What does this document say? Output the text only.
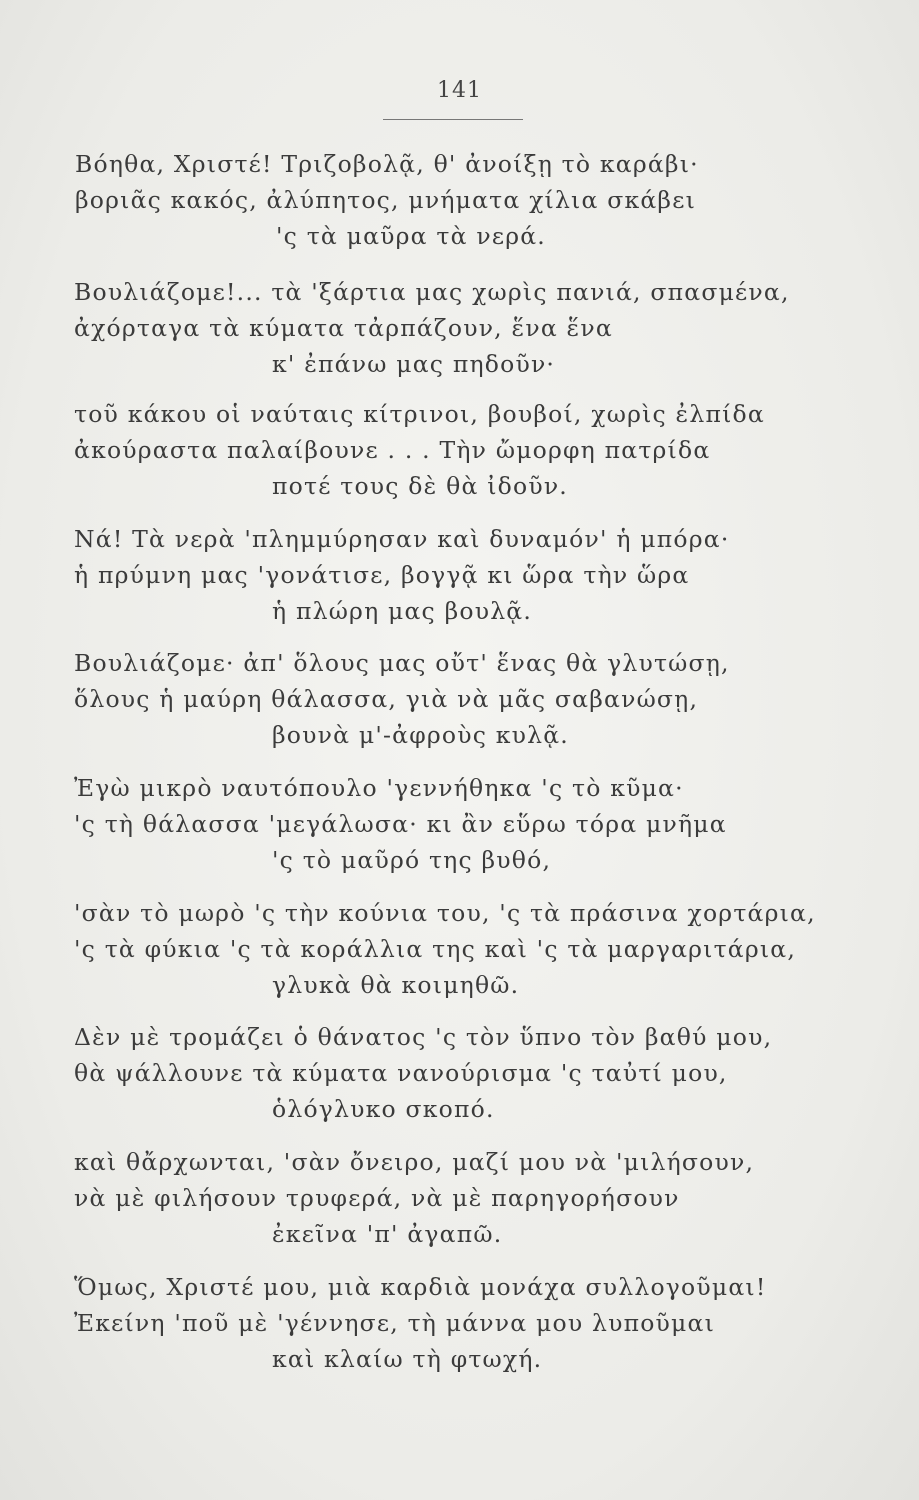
141
Βόηθα, Χριστέ! Τριζοβολᾷ, θ' ἀνοίξῃ τὸ καράβι·
βοριᾶς κακός, ἀλύπητος, μνήματα χίλια σκάβει
'ς τὰ μαῦρα τὰ νερά.
Βουλιάζομε!... τὰ 'ξάρτια μας χωρὶς πανιά, σπασμένα,
ἀχόρταγα τὰ κύματα τἀρπάζουν, ἕνα ἕνα
κ' ἐπάνω μας πηδοῦν·
τοῦ κάκου οἱ ναύταις κίτρινοι, βουβοί, χωρὶς ἐλπίδα
ἀκούραστα παλαίβουνε . . . Τὴν ὤμορφη πατρίδα
ποτέ τους δὲ θὰ ἰδοῦν.
Νά! Τὰ νερὰ 'πλημμύρησαν καὶ δυναμόν' ἡ μπόρα·
ἡ πρύμνη μας 'γονάτισε, βογγᾷ κι ὥρα τὴν ὥρα
ἡ πλώρη μας βουλᾷ.
Βουλιάζομε· ἀπ' ὅλους μας οὔτ' ἕνας θὰ γλυτώσῃ,
ὅλους ἡ μαύρη θάλασσα, γιὰ νὰ μᾶς σαβανώσῃ,
βουνὰ μ'-ἀφροὺς κυλᾷ.
Ἐγὼ μικρὸ ναυτόπουλο 'γεννήθηκα 'ς τὸ κῦμα·
'ς τὴ θάλασσα 'μεγάλωσα· κι ἂν εὕρω τόρα μνῆμα
'ς τὸ μαῦρό της βυθό,
'σὰν τὸ μωρὸ 'ς τὴν κούνια του, 'ς τὰ πράσινα χορτάρια,
'ς τὰ φύκια 'ς τὰ κοράλλια της καὶ 'ς τὰ μαργαριτάρια,
γλυκὰ θὰ κοιμηθῶ.
Δὲν μὲ τρομάζει ὁ θάνατος 'ς τὸν ὕπνο τὸν βαθύ μου,
θὰ ψάλλουνε τὰ κύματα νανούρισμα 'ς ταὐτί μου,
ὁλόγλυκο σκοπό.
καὶ θἄρχωνται, 'σὰν ὄνειρο, μαζί μου νὰ 'μιλήσουν,
νὰ μὲ φιλήσουν τρυφερά, νὰ μὲ παρηγορήσουν
ἐκεῖνα 'π' ἀγαπῶ.
Ὅμως, Χριστέ μου, μιὰ καρδιὰ μονάχα συλλογοῦμαι!
Ἐκείνη 'ποῦ μὲ 'γέννησε, τὴ μάννα μου λυποῦμαι
καὶ κλαίω τὴ φτωχή.
